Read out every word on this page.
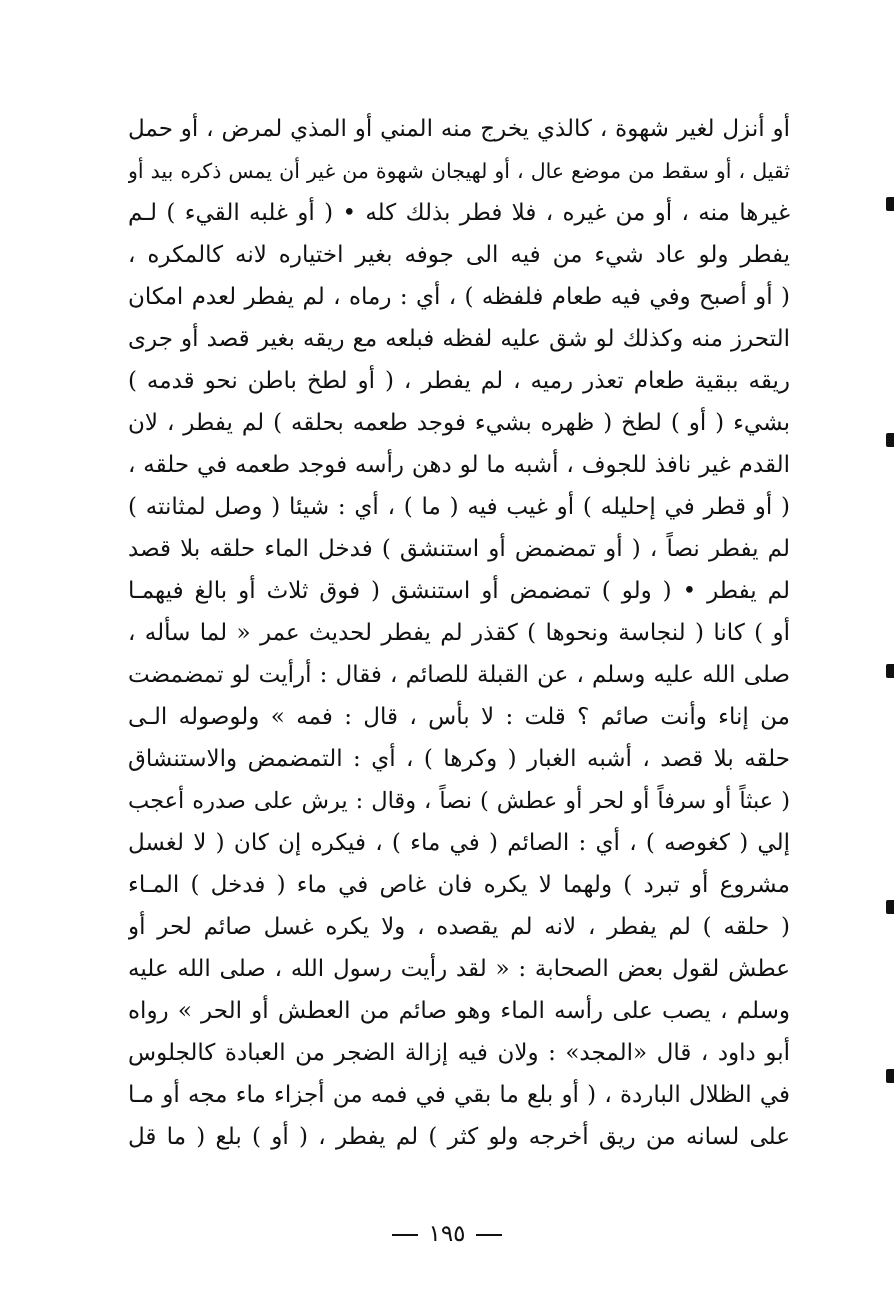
أو أنزل لغير شهوة ، كالذي يخرج منه المني أو المذي لمرض ، أو حمل
ثقيل ، أو سقط من موضع عال ، أو لهيجان شهوة من غير أن يمس ذكره بيد أو
غيرها منه ، أو من غيره ، فلا فطر بذلك كله • ( أو غلبه القيء ) لـم
يفطر ولو عاد شيء من فيه الى جوفه بغير اختياره لانه كالمكره ،
( أو أصبح وفي فيه طعام فلفظه ) ، أي : رماه ، لم يفطر لعدم امكان
التحرز منه وكذلك لو شق عليه لفظه فبلعه مع ريقه بغير قصد أو جرى
ريقه ببقية طعام تعذر رميه ، لم يفطر ، ( أو لطخ باطن نحو قدمه )
بشيء ( أو ) لطخ ( ظهره بشيء فوجد طعمه بحلقه ) لم يفطر ، لان
القدم غير نافذ للجوف ، أشبه ما لو دهن رأسه فوجد طعمه في حلقه ،
( أو قطر في إحليله ) أو غيب فيه ( ما ) ، أي : شيئا ( وصل لمثانته )
لم يفطر نصاً ، ( أو تمضمض أو استنشق ) فدخل الماء حلقه بلا قصد
لم يفطر • ( ولو ) تمضمض أو استنشق ( فوق ثلاث أو بالغ فيهمـا
أو ) كانا ( لنجاسة ونحوها ) كقذر لم يفطر لحديث عمر « لما سأله ،
صلى الله عليه وسلم ، عن القبلة للصائم ، فقال : أرأيت لو تمضمضت
من إناء وأنت صائم ؟ قلت : لا بأس ، قال : فمه » ولوصوله الـى
حلقه بلا قصد ، أشبه الغبار ( وكرها ) ، أي : التمضمض والاستنشاق
( عبثاً أو سرفاً أو لحر أو عطش ) نصاً ، وقال : يرش على صدره أعجب
إلي ( كغوصه ) ، أي : الصائم ( في ماء ) ، فيكره إن كان ( لا لغسل
مشروع أو تبرد ) ولهما لا يكره فان غاص في ماء ( فدخل ) المـاء
( حلقه ) لم يفطر ، لانه لم يقصده ، ولا يكره غسل صائم لحر أو
عطش لقول بعض الصحابة : « لقد رأيت رسول الله ، صلى الله عليه
وسلم ، يصب على رأسه الماء وهو صائم من العطش أو الحر » رواه
أبو داود ، قال «المجد» : ولان فيه إزالة الضجر من العبادة كالجلوس
في الظلال الباردة ، ( أو بلع ما بقي في فمه من أجزاء ماء مجه أو مـا
على لسانه من ريق أخرجه ولو كثر ) لم يفطر ، ( أو ) بلع ( ما قل
١٩٥
